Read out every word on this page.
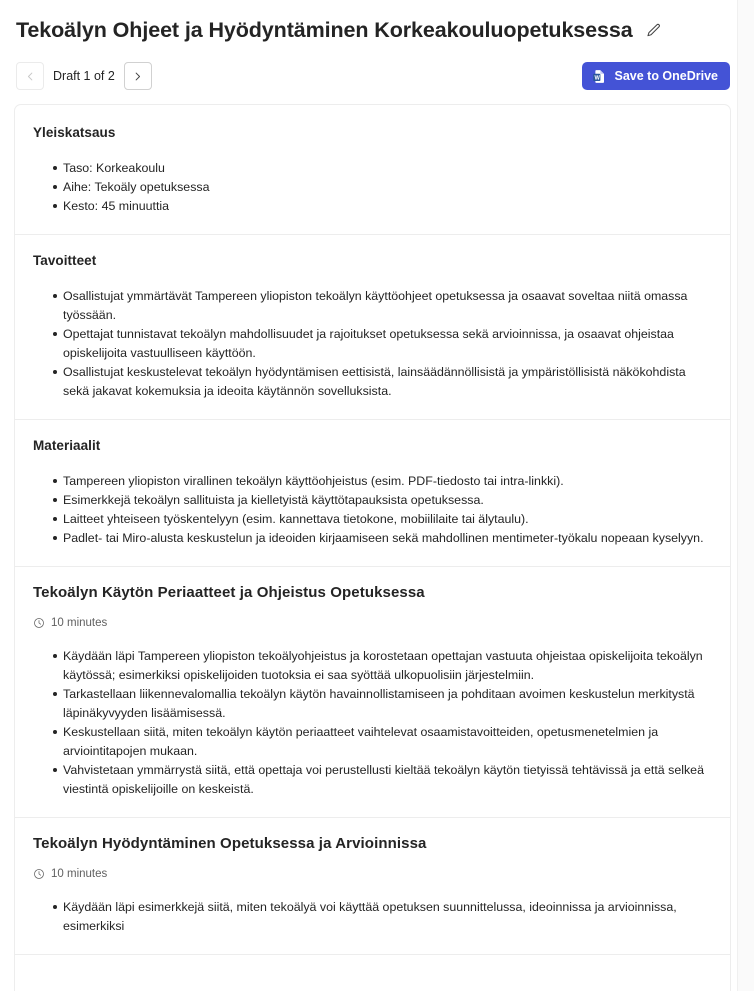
Tekoälyn Ohjeet ja Hyödyntäminen Korkeakouluopetuksessa
Draft 1 of 2	Save to OneDrive
Yleiskatsaus
Taso: Korkeakoulu
Aihe: Tekoäly opetuksessa
Kesto: 45 minuuttia
Tavoitteet
Osallistujat ymmärtävät Tampereen yliopiston tekoälyn käyttöohjeet opetuksessa ja osaavat soveltaa niitä omassa työssään.
Opettajat tunnistavat tekoälyn mahdollisuudet ja rajoitukset opetuksessa sekä arvioinnissa, ja osaavat ohjeistaa opiskelijoita vastuulliseen käyttöön.
Osallistujat keskustelevat tekoälyn hyödyntämisen eettisistä, lainsäädännöllisistä ja ympäristöllisistä näkökohdista sekä jakavat kokemuksia ja ideoita käytännön sovelluksista.
Materiaalit
Tampereen yliopiston virallinen tekoälyn käyttöohjeistus (esim. PDF-tiedosto tai intra-linkki).
Esimerkkejä tekoälyn sallituista ja kielletyistä käyttötapauksista opetuksessa.
Laitteet yhteiseen työskentelyyn (esim. kannettava tietokone, mobiililaite tai älytaulu).
Padlet- tai Miro-alusta keskustelun ja ideoiden kirjaamiseen sekä mahdollinen mentimeter-työkalu nopeaan kyselyyn.
Tekoälyn Käytön Periaatteet ja Ohjeistus Opetuksessa
10 minutes
Käydään läpi Tampereen yliopiston tekoälyohjeistus ja korostetaan opettajan vastuuta ohjeistaa opiskelijoita tekoälyn käytössä; esimerkiksi opiskelijoiden tuotoksia ei saa syöttää ulkopuolisiin järjestelmiin.
Tarkastellaan liikennevalomallia tekoälyn käytön havainnollistamiseen ja pohditaan avoimen keskustelun merkitystä läpinäkyvyyden lisäämisessä.
Keskustellaan siitä, miten tekoälyn käytön periaatteet vaihtelevat osaamistavoitteiden, opetusmenetelmien ja arviointitapojen mukaan.
Vahvistetaan ymmärrystä siitä, että opettaja voi perustellusti kieltää tekoälyn käytön tietyissä tehtävissä ja että selkeä viestintä opiskelijoille on keskeistä.
Tekoälyn Hyödyntäminen Opetuksessa ja Arvioinnissa
10 minutes
Käydään läpi esimerkkejä siitä, miten tekoälyä voi käyttää opetuksen suunnittelussa, ideoinnissa ja arvioinnissa, esimerkiksi
